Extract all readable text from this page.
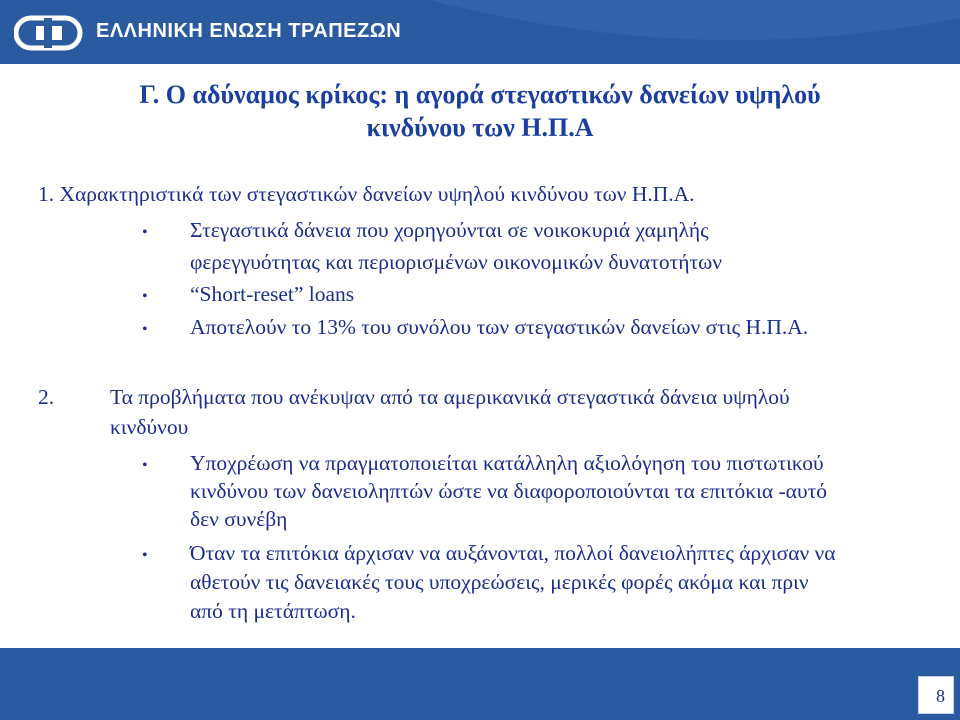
ΕΛΛΗΝΙΚΗ ΕΝΩΣΗ ΤΡΑΠΕΖΩΝ
Γ. Ο αδύναμος κρίκος: η αγορά στεγαστικών δανείων υψηλού
κινδύνου των Η.Π.Α
1. Χαρακτηριστικά των στεγαστικών δανείων υψηλού κινδύνου των Η.Π.Α.
• Στεγαστικά δάνεια που χορηγούνται σε νοικοκυριά χαμηλής
φερεγγυότητας και περιορισμένων οικονομικών δυνατοτήτων
• “Short-reset” loans
• Αποτελούν το 13% του συνόλου των στεγαστικών δανείων στις Η.Π.Α.
2.	Τα προβλήματα που ανέκυψαν από τα αμερικανικά στεγαστικά δάνεια υψηλού
κινδύνου
• Υποχρέωση να πραγματοποιείται κατάλληλη αξιολόγηση του πιστωτικού
κινδύνου των δανειοληπτών ώστε να διαφοροποιούνται τα επιτόκια -αυτό
δεν συνέβη
• Όταν τα επιτόκια άρχισαν να αυξάνονται, πολλοί δανειολήπτες άρχισαν να
αθετούν τις δανειακές τους υποχρεώσεις, μερικές φορές ακόμα και πριν
από τη μετάπτωση.
8
